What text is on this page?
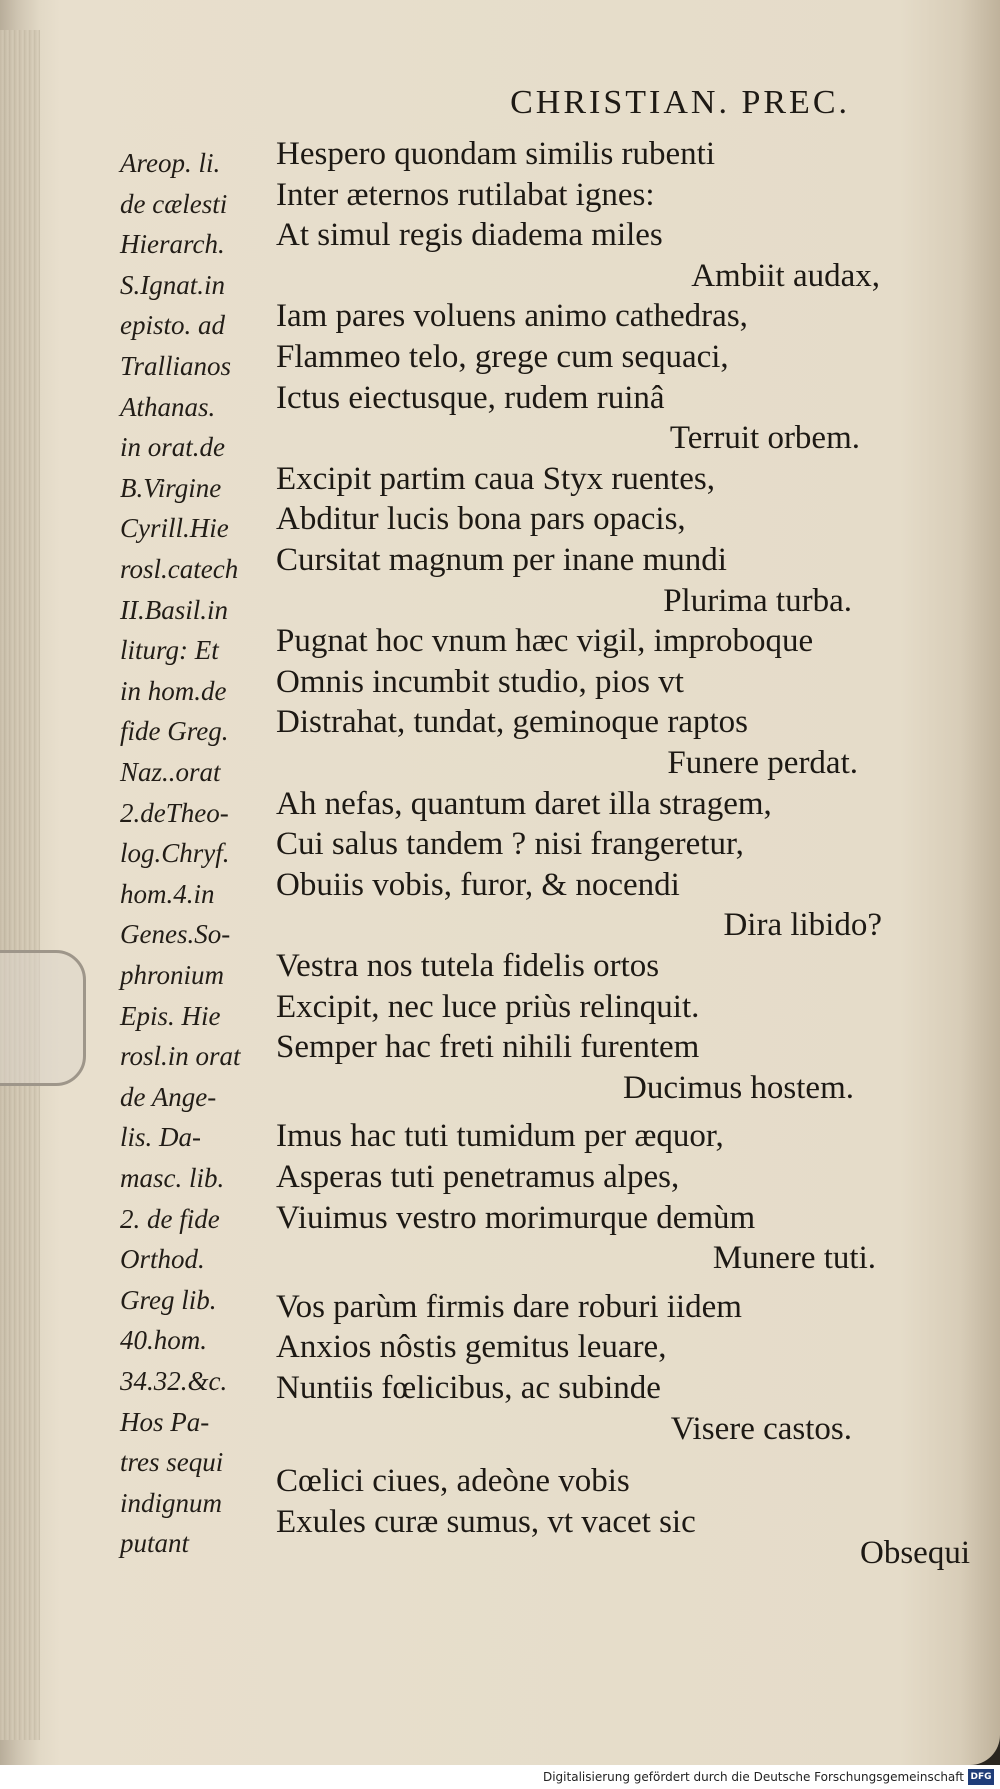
CHRISTIAN. PREC.
Areop. li.
de cælesti
Hierarch.
S.Ignat.in
episto. ad
Trallianos
Athanas.
in orat.de
B.Virgine
Cyrill.Hie
rosl.catech
II.Basil.in
liturg: Et
in hom.de
fide Greg.
Naz..orat
2.deTheo-
log.Chryf.
hom.4.in
Genes.So-
phronium
Epis. Hie
rosl.in orat
de Ange-
lis. Da-
masc. lib.
2. de fide
Orthod.
Greg lib.
40.hom.
34.32.&c.
Hos Pa-
tres sequi
indignum
putant
Hespero quondam similis rubenti
Inter æternos rutilabat ignes:
At simul regis diadema miles
Ambiit audax,
Iam pares voluens animo cathedras,
Flammeo telo, grege cum sequaci,
Ictus eiectusque, rudem ruinâ
Terruit orbem.
Excipit partim caua Styx ruentes,
Abditur lucis bona pars opacis,
Cursitat magnum per inane mundi
Plurima turba.
Pugnat hoc vnum hæc vigil, improboque
Omnis incumbit studio, pios vt
Distrahat, tundat, geminoque raptos
Funere perdat.
Ah nefas, quantum daret illa stragem,
Cui salus tandem ? nisi frangeretur,
Obuiis vobis, furor, & nocendi
Dira libido?
Vestra nos tutela fidelis ortos
Excipit, nec luce priùs relinquit.
Semper hac freti nihili furentem
Ducimus hostem.
Imus hac tuti tumidum per æquor,
Asperas tuti penetramus alpes,
Viuimus vestro morimurque demùm
Munere tuti.
Vos parùm firmis dare roburi iidem
Anxios nôstis gemitus leuare,
Nuntiis fœlicibus, ac subinde
Visere castos.
Cœlici ciues, adeòne vobis
Exules curæ sumus, vt vacet sic
Obsequi
Digitalisierung gefördert durch die Deutsche Forschungsgemeinschaft DFG
